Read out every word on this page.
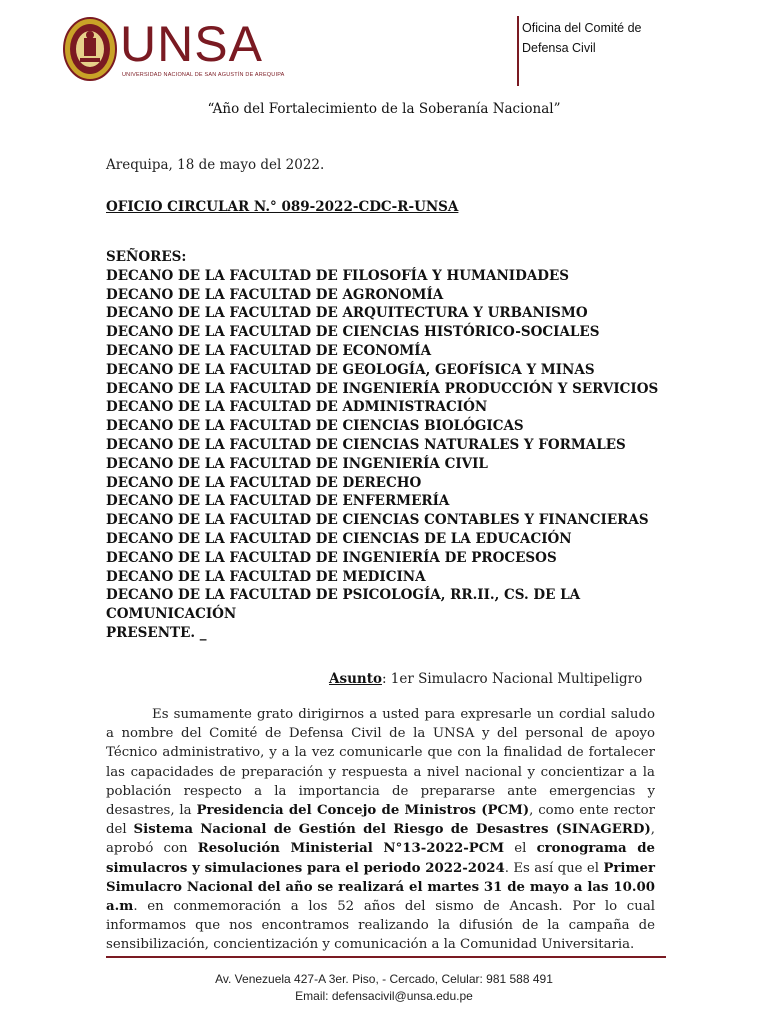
UNSA
UNIVERSIDAD NACIONAL DE SAN AGUSTÍN DE AREQUIPA
Oficina del Comité de
Defensa Civil
“Año del Fortalecimiento de la Soberanía Nacional”
Arequipa, 18 de mayo del 2022.
OFICIO CIRCULAR N.° 089-2022-CDC-R-UNSA
SEÑORES:
DECANO DE LA FACULTAD DE FILOSOFÍA Y HUMANIDADES
DECANO DE LA FACULTAD DE AGRONOMÍA
DECANO DE LA FACULTAD DE ARQUITECTURA Y URBANISMO
DECANO DE LA FACULTAD DE CIENCIAS HISTÓRICO-SOCIALES
DECANO DE LA FACULTAD DE ECONOMÍA
DECANO DE LA FACULTAD DE GEOLOGÍA, GEOFÍSICA Y MINAS
DECANO DE LA FACULTAD DE INGENIERÍA PRODUCCIÓN Y SERVICIOS
DECANO DE LA FACULTAD DE ADMINISTRACIÓN
DECANO DE LA FACULTAD DE CIENCIAS BIOLÓGICAS
DECANO DE LA FACULTAD DE CIENCIAS NATURALES Y FORMALES
DECANO DE LA FACULTAD DE INGENIERÍA CIVIL
DECANO DE LA FACULTAD DE DERECHO
DECANO DE LA FACULTAD DE ENFERMERÍA
DECANO DE LA FACULTAD DE CIENCIAS CONTABLES Y FINANCIERAS
DECANO DE LA FACULTAD DE CIENCIAS DE LA EDUCACIÓN
DECANO DE LA FACULTAD DE INGENIERÍA DE PROCESOS
DECANO DE LA FACULTAD DE MEDICINA
DECANO DE LA FACULTAD DE PSICOLOGÍA, RR.II., CS. DE LA
COMUNICACIÓN
PRESENTE. _
Asunto: 1er Simulacro Nacional Multipeligro
Es sumamente grato dirigirnos a usted para expresarle un cordial saludo a nombre del Comité de Defensa Civil de la UNSA y del personal de apoyo Técnico administrativo, y a la vez comunicarle que con la finalidad de fortalecer las capacidades de preparación y respuesta a nivel nacional y concientizar a la población respecto a la importancia de prepararse ante emergencias y desastres, la Presidencia del Concejo de Ministros (PCM), como ente rector del Sistema Nacional de Gestión del Riesgo de Desastres (SINAGERD), aprobó con Resolución Ministerial N°13-2022-PCM el cronograma de simulacros y simulaciones para el periodo 2022-2024. Es así que el Primer Simulacro Nacional del año se realizará el martes 31 de mayo a las 10.00 a.m. en conmemoración a los 52 años del sismo de Ancash. Por lo cual informamos que nos encontramos realizando la difusión de la campaña de sensibilización, concientización y comunicación a la Comunidad Universitaria.
Av. Venezuela 427-A 3er. Piso, - Cercado, Celular: 981 588 491
Email: defensacivil@unsa.edu.pe
